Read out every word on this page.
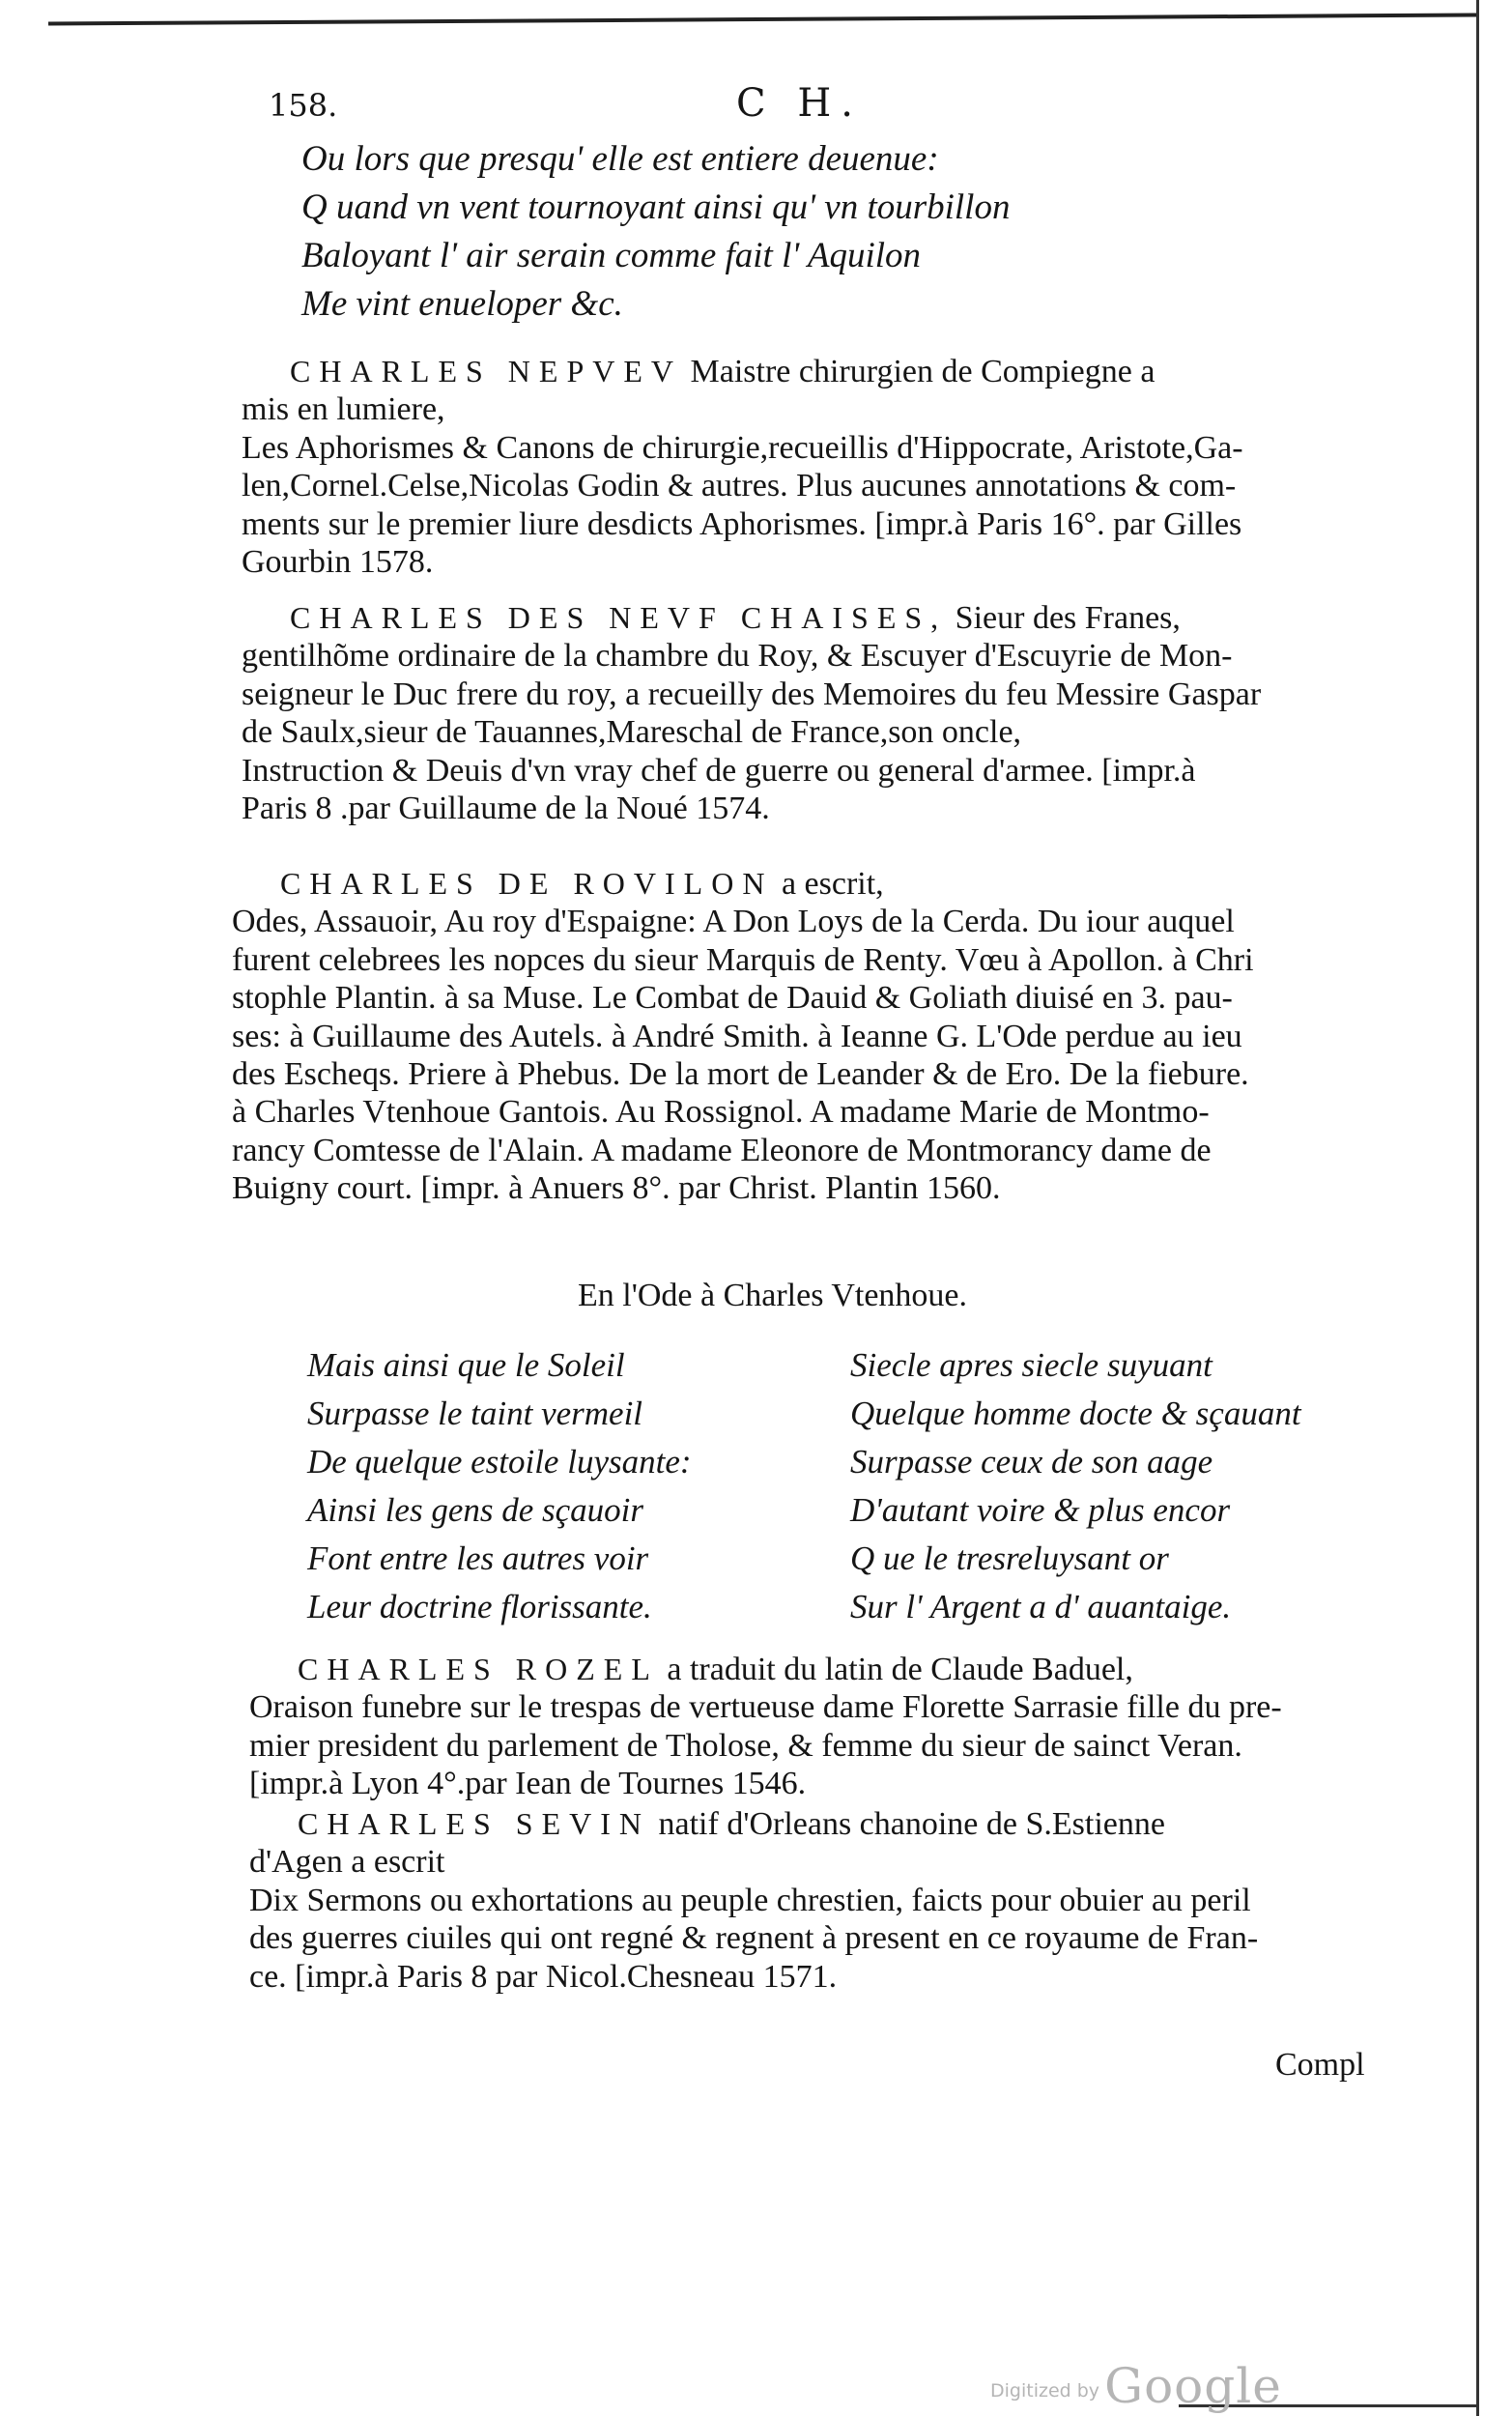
158.	C H.
Ou lors que presqu' elle est entiere deuenue:
Q uand vn vent tournoyant ainsi qu' vn tourbillon
Baloyant l' air serain comme fait l' Aquilon
Me vint enueloper &c.
CHARLES NEPVEV Maistre chirurgien de Compiegne a
mis en lumiere,
Les Aphorismes & Canons de chirurgie,recueillis d'Hippocrate, Aristote,Ga-
len,Cornel.Celse,Nicolas Godin & autres. Plus aucunes annotations & com-
ments sur le premier liure desdicts Aphorismes. [impr.à Paris 16°. par Gilles
Gourbin 1578.
CHARLES DES NEVF CHAISES, Sieur des Franes,
gentilhõme ordinaire de la chambre du Roy, & Escuyer d'Escuyrie de Mon-
seigneur le Duc frere du roy, a recueilly des Memoires du feu Messire Gaspar
de Saulx,sieur de Tauannes,Mareschal de France,son oncle,
Instruction & Deuis d'vn vray chef de guerre ou general d'armee. [impr.à
Paris 8 .par Guillaume de la Noué 1574.
CHARLES DE ROVILON a escrit,
Odes, Assauoir, Au roy d'Espaigne: A Don Loys de la Cerda. Du iour auquel
furent celebrees les nopces du sieur Marquis de Renty. Vœu à Apollon. à Chri
stophle Plantin. à sa Muse. Le Combat de Dauid & Goliath diuisé en 3. pau-
ses: à Guillaume des Autels. à André Smith. à Ieanne G. L'Ode perdue au ieu
des Escheqs. Priere à Phebus. De la mort de Leander & de Ero. De la fiebure.
à Charles Vtenhoue Gantois. Au Rossignol. A madame Marie de Montmo-
rancy Comtesse de l'Alain. A madame Eleonore de Montmorancy dame de
Buigny court. [impr. à Anuers 8°. par Christ. Plantin 1560.
En l'Ode à Charles Vtenhoue.
Mais ainsi que le Soleil
Surpasse le taint vermeil
De quelque estoile luysante:
Ainsi les gens de sçauoir
Font entre les autres voir
Leur doctrine florissante.
Siecle apres siecle suyuant
Quelque homme docte & sçauant
Surpasse ceux de son aage
D'autant voire & plus encor
Q ue le tresreluysant or
Sur l' Argent a d' auantaige.
CHARLES ROZEL a traduit du latin de Claude Baduel,
Oraison funebre sur le trespas de vertueuse dame Florette Sarrasie fille du pre-
mier president du parlement de Tholose, & femme du sieur de sainct Veran.
[impr.à Lyon 4°.par Iean de Tournes 1546.
CHARLES SEVIN natif d'Orleans chanoine de S.Estienne
d'Agen a escrit
Dix Sermons ou exhortations au peuple chrestien, faicts pour obuier au peril
des guerres ciuiles qui ont regné & regnent à present en ce royaume de Fran-
ce. [impr.à Paris 8 par Nicol.Chesneau 1571.
Compl
Digitized by Google
